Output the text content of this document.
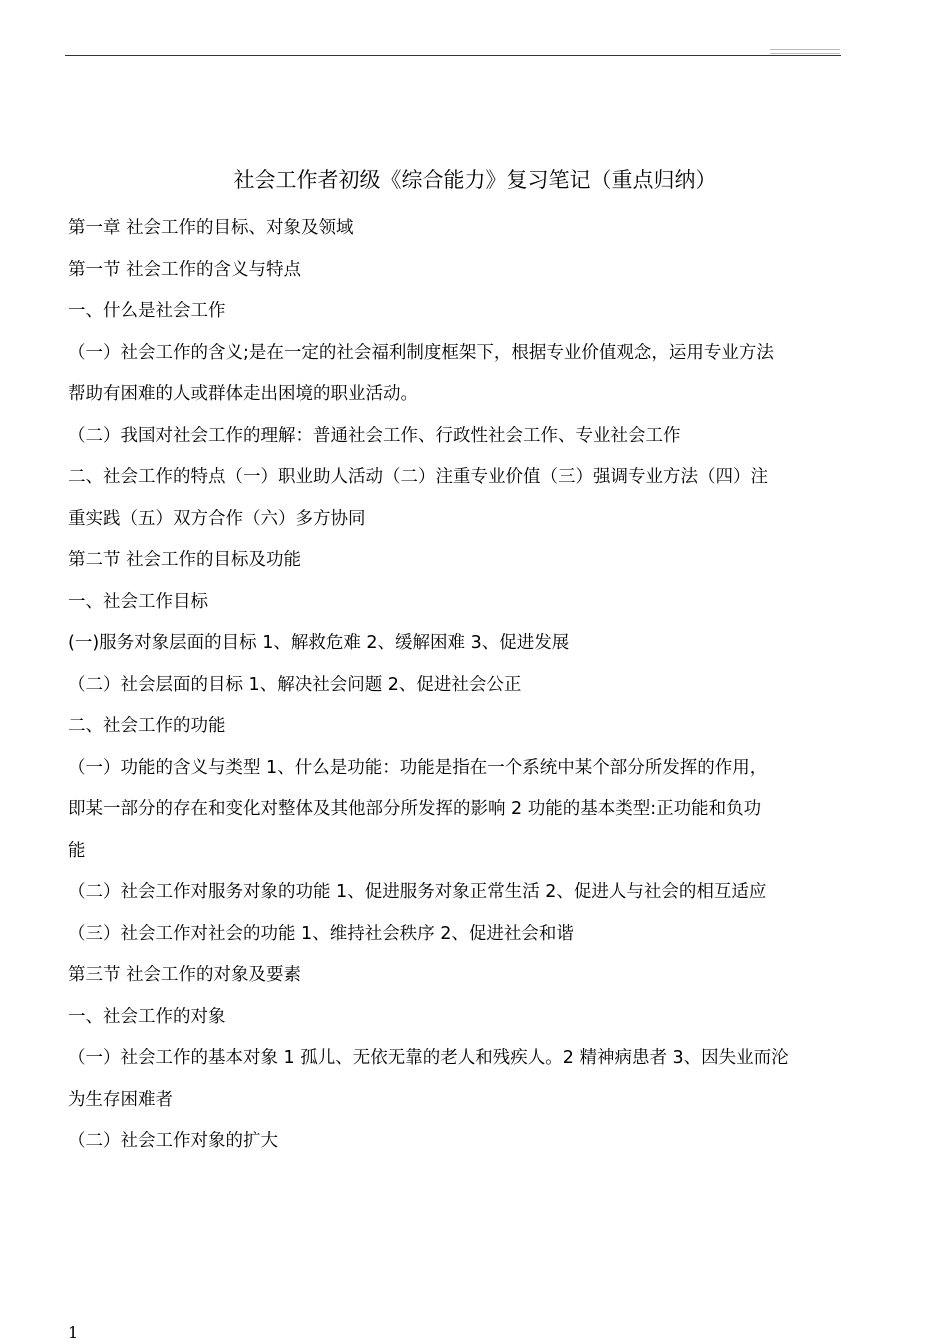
社会工作者初级《综合能力》复习笔记（重点归纳）
第一章 社会工作的目标、对象及领域
第一节 社会工作的含义与特点
一、什么是社会工作
（一）社会工作的含义;是在一定的社会福利制度框架下，根据专业价值观念，运用专业方法
帮助有困难的人或群体走出困境的职业活动。
（二）我国对社会工作的理解：普通社会工作、行政性社会工作、专业社会工作
二、社会工作的特点（一）职业助人活动（二）注重专业价值（三）强调专业方法（四）注
重实践（五）双方合作（六）多方协同
第二节 社会工作的目标及功能
一、社会工作目标
(一)服务对象层面的目标 1、解救危难 2、缓解困难 3、促进发展
（二）社会层面的目标 1、解决社会问题 2、促进社会公正
二、社会工作的功能
（一）功能的含义与类型 1、什么是功能：功能是指在一个系统中某个部分所发挥的作用，
即某一部分的存在和变化对整体及其他部分所发挥的影响 2 功能的基本类型:正功能和负功
能
（二）社会工作对服务对象的功能 1、促进服务对象正常生活 2、促进人与社会的相互适应
（三）社会工作对社会的功能 1、维持社会秩序 2、促进社会和谐
第三节 社会工作的对象及要素
一、社会工作的对象
（一）社会工作的基本对象 1 孤儿、无依无靠的老人和残疾人。2 精神病患者 3、因失业而沦
为生存困难者
（二）社会工作对象的扩大
1
